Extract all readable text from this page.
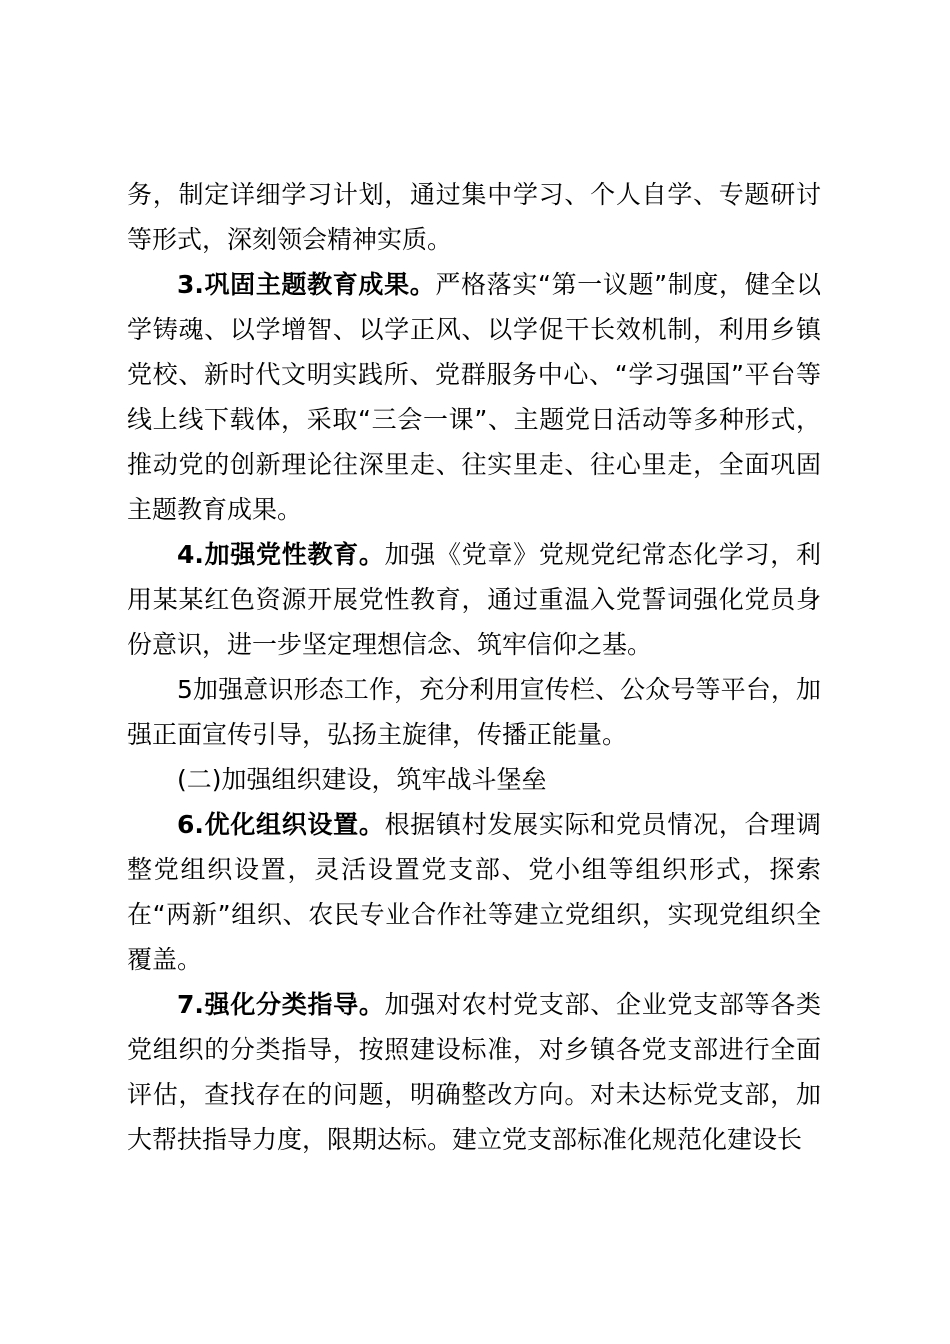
务，制定详细学习计划，通过集中学习、个人自学、专题研讨等形式，深刻领会精神实质。

3.巩固主题教育成果。严格落实“第一议题”制度，健全以学铸魂、以学增智、以学正风、以学促干长效机制，利用乡镇党校、新时代文明实践所、党群服务中心、“学习强国”平台等线上线下载体，采取“三会一课”、主题党日活动等多种形式，推动党的创新理论往深里走、往实里走、往心里走，全面巩固主题教育成果。

4.加强党性教育。加强《党章》党规党纪常态化学习，利用某某红色资源开展党性教育，通过重温入党誓词强化党员身份意识，进一步坚定理想信念、筑牢信仰之基。

5加强意识形态工作，充分利用宣传栏、公众号等平台，加强正面宣传引导，弘扬主旋律，传播正能量。

(二)加强组织建设，筑牢战斗堡垒

6.优化组织设置。根据镇村发展实际和党员情况，合理调整党组织设置，灵活设置党支部、党小组等组织形式，探索在“两新”组织、农民专业合作社等建立党组织，实现党组织全覆盖。

7.强化分类指导。加强对农村党支部、企业党支部等各类党组织的分类指导，按照建设标准，对乡镇各党支部进行全面评估，查找存在的问题，明确整改方向。对未达标党支部，加大帮扶指导力度，限期达标。建立党支部标准化规范化建设长
